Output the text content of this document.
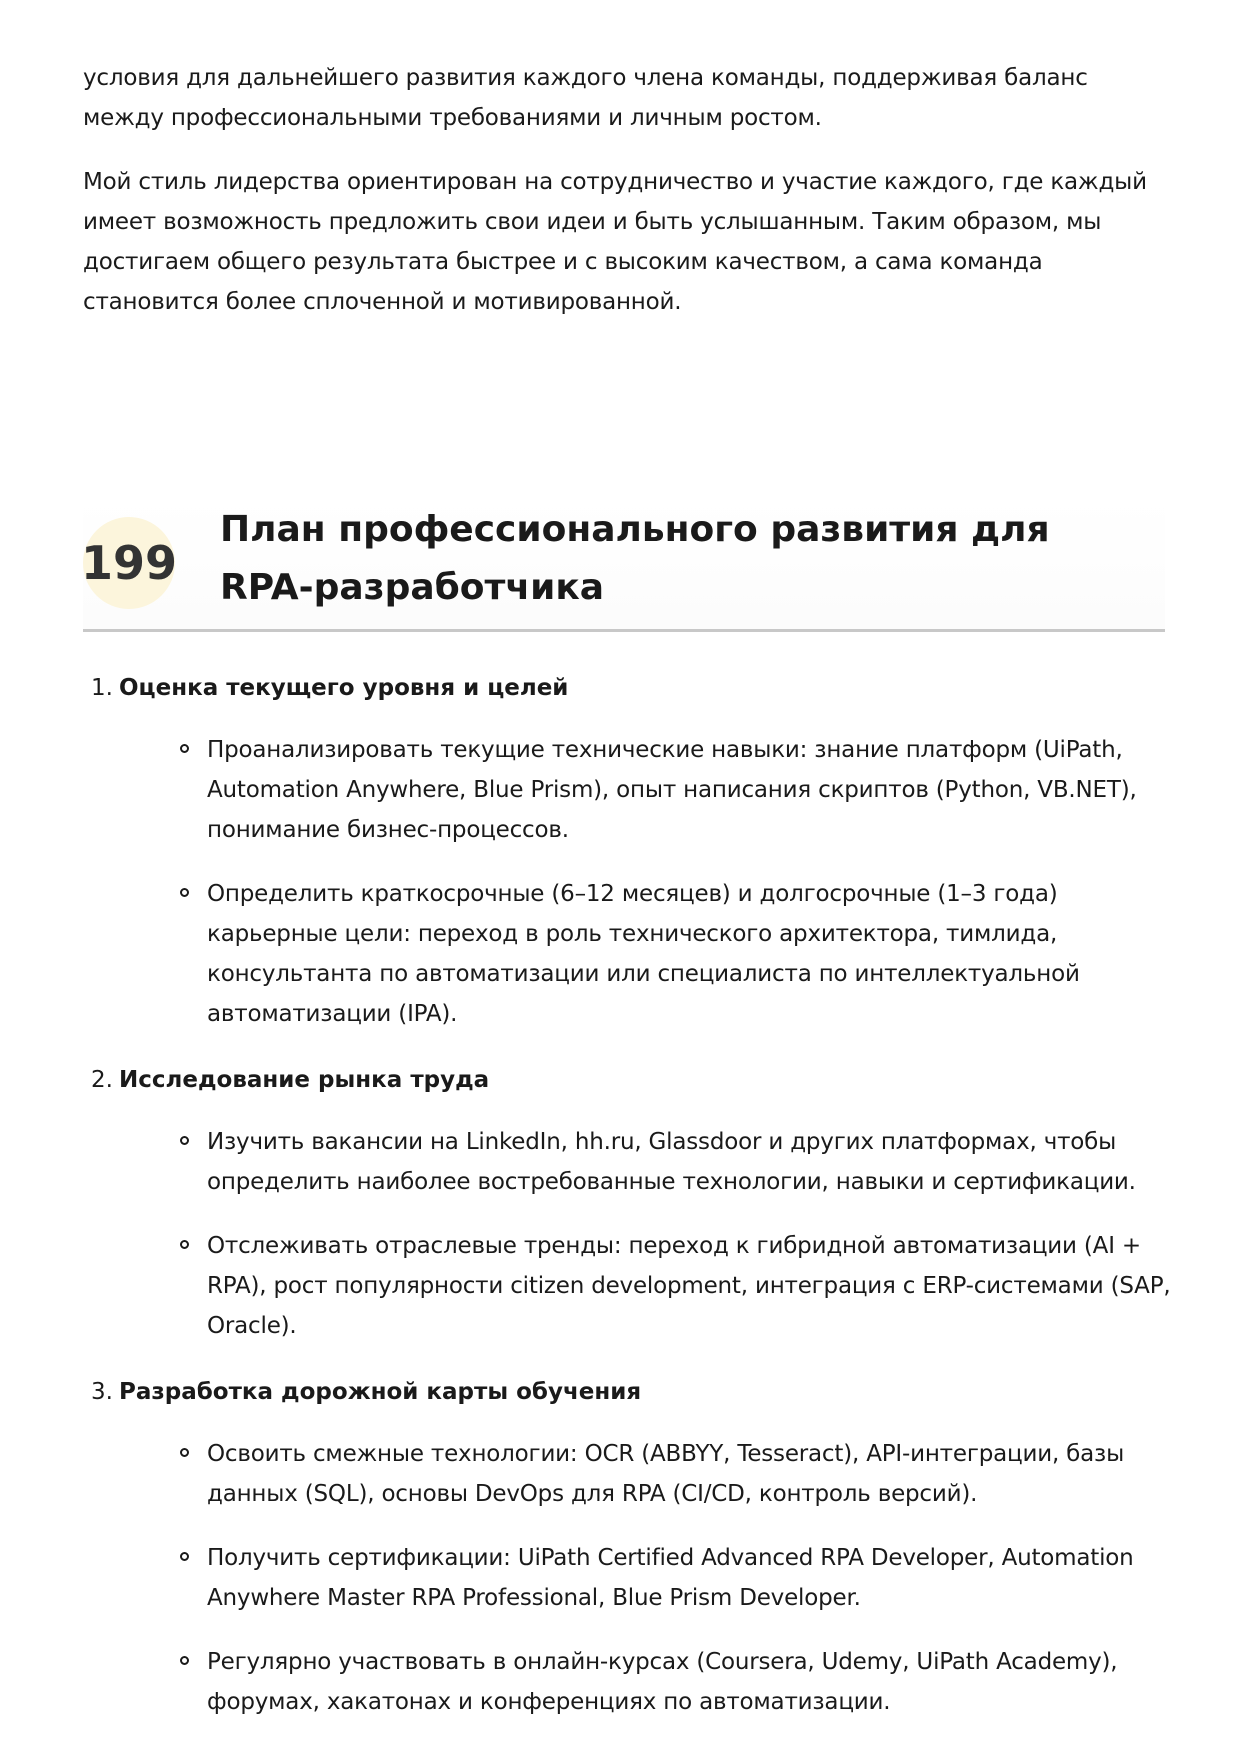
условия для дальнейшего развития каждого члена команды, поддерживая баланс между профессиональными требованиями и личным ростом.

Мой стиль лидерства ориентирован на сотрудничество и участие каждого, где каждый имеет возможность предложить свои идеи и быть услышанным. Таким образом, мы достигаем общего результата быстрее и с высоким качеством, а сама команда становится более сплоченной и мотивированной.

199
План профессионального развития для RPA-разработчика

1. Оценка текущего уровня и целей

Проанализировать текущие технические навыки: знание платформ (UiPath, Automation Anywhere, Blue Prism), опыт написания скриптов (Python, VB.NET), понимание бизнес-процессов.
Определить краткосрочные (6–12 месяцев) и долгосрочные (1–3 года) карьерные цели: переход в роль технического архитектора, тимлида, консультанта по автоматизации или специалиста по интеллектуальной автоматизации (IPA).

2. Исследование рынка труда

Изучить вакансии на LinkedIn, hh.ru, Glassdoor и других платформах, чтобы определить наиболее востребованные технологии, навыки и сертификации.
Отслеживать отраслевые тренды: переход к гибридной автоматизации (AI + RPA), рост популярности citizen development, интеграция с ERP-системами (SAP, Oracle).

3. Разработка дорожной карты обучения

Освоить смежные технологии: OCR (ABBYY, Tesseract), API-интеграции, базы данных (SQL), основы DevOps для RPA (CI/CD, контроль версий).
Получить сертификации: UiPath Certified Advanced RPA Developer, Automation Anywhere Master RPA Professional, Blue Prism Developer.
Регулярно участвовать в онлайн-курсах (Coursera, Udemy, UiPath Academy), форумах, хакатонах и конференциях по автоматизации.
